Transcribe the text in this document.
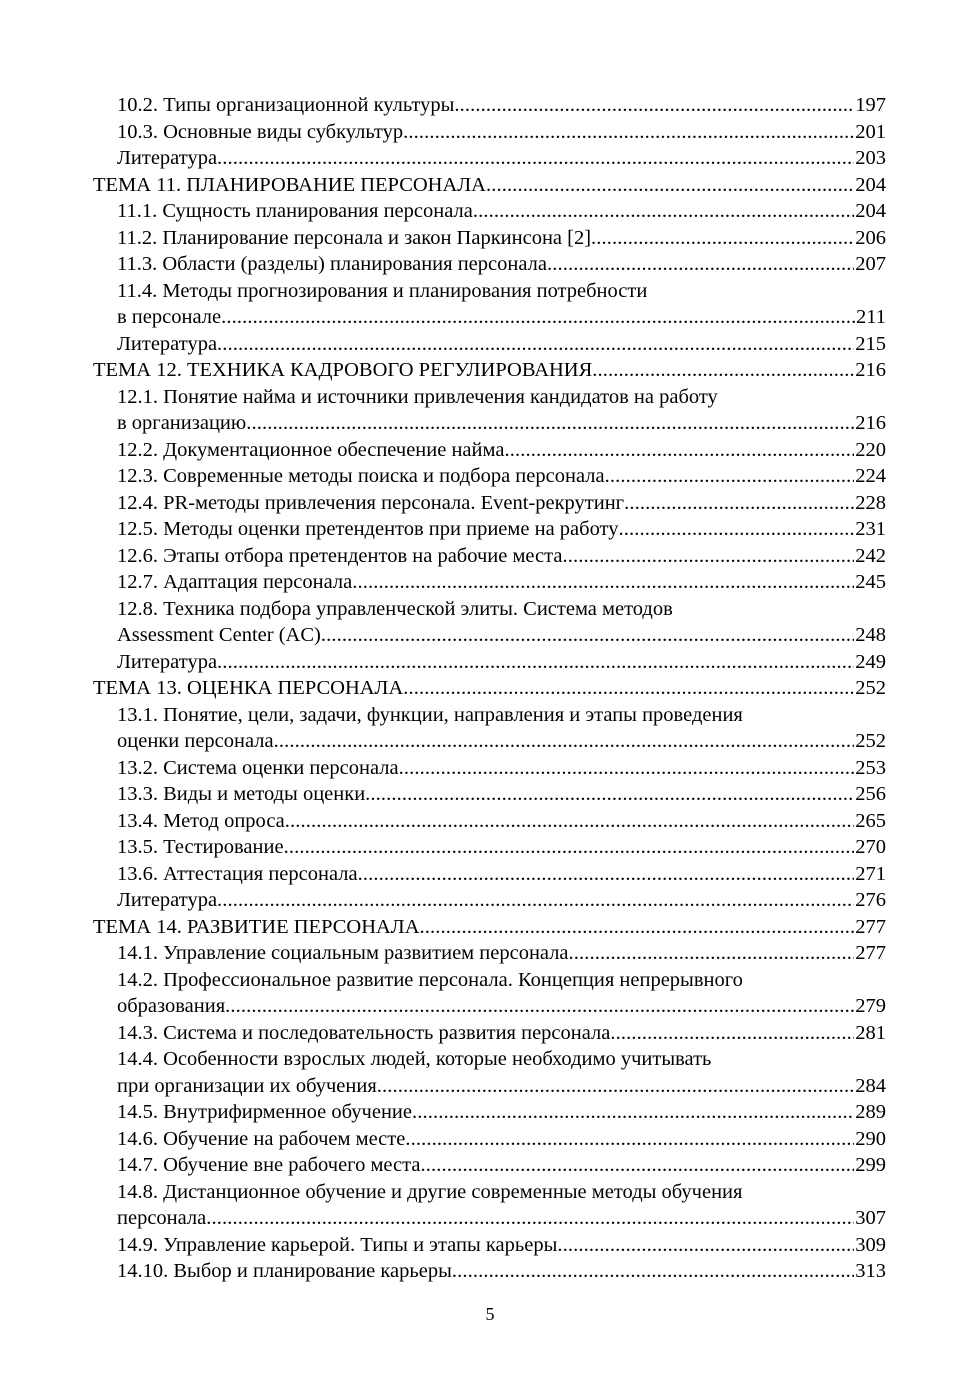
10.2. Типы организационной культуры . . .	197
10.3. Основные виды субкультур . . .	201
Литература . . .	203
ТЕМА 11. ПЛАНИРОВАНИЕ ПЕРСОНАЛА . . .	204
11.1. Сущность планирования персонала . . .	204
11.2. Планирование персонала и закон Паркинсона [2] . . .	206
11.3. Области (разделы) планирования персонала . . .	207
11.4. Методы прогнозирования и планирования потребности
в персонале . . .	211
Литература . . .	215
ТЕМА 12. ТЕХНИКА КАДРОВОГО РЕГУЛИРОВАНИЯ . . .	216
12.1. Понятие найма и источники привлечения кандидатов на работу
в организацию . . .	216
12.2. Документационное обеспечение найма . . .	220
12.3. Современные методы поиска и подбора персонала . . .	224
12.4. PR-методы привлечения персонала. Event-рекрутинг . . .	228
12.5. Методы оценки претендентов при приеме на работу . . .	231
12.6. Этапы отбора претендентов на рабочие места . . .	242
12.7. Адаптация персонала . . .	245
12.8. Техника подбора управленческой элиты. Система методов
Assessment Center (AC) . . .	248
Литература . . .	249
ТЕМА 13. ОЦЕНКА ПЕРСОНАЛА . . .	252
13.1. Понятие, цели, задачи, функции, направления и этапы проведения
оценки персонала . . .	252
13.2. Система оценки персонала . . .	253
13.3. Виды и методы оценки . . .	256
13.4. Метод опроса . . .	265
13.5. Тестирование . . .	270
13.6. Аттестация персонала . . .	271
Литература . . .	276
ТЕМА 14. РАЗВИТИЕ ПЕРСОНАЛА . . .	277
14.1. Управление социальным развитием персонала . . .	277
14.2. Профессиональное развитие персонала. Концепция непрерывного
образования . . .	279
14.3. Система и последовательность развития персонала . . .	281
14.4. Особенности взрослых людей, которые необходимо учитывать
при организации их обучения . . .	284
14.5. Внутрифирменное обучение . . .	289
14.6. Обучение на рабочем месте . . .	290
14.7. Обучение вне рабочего места . . .	299
14.8. Дистанционное обучение и другие современные методы обучения
персонала . . .	307
14.9. Управление карьерой. Типы и этапы карьеры . . .	309
14.10. Выбор и планирование карьеры . . .	313
5
